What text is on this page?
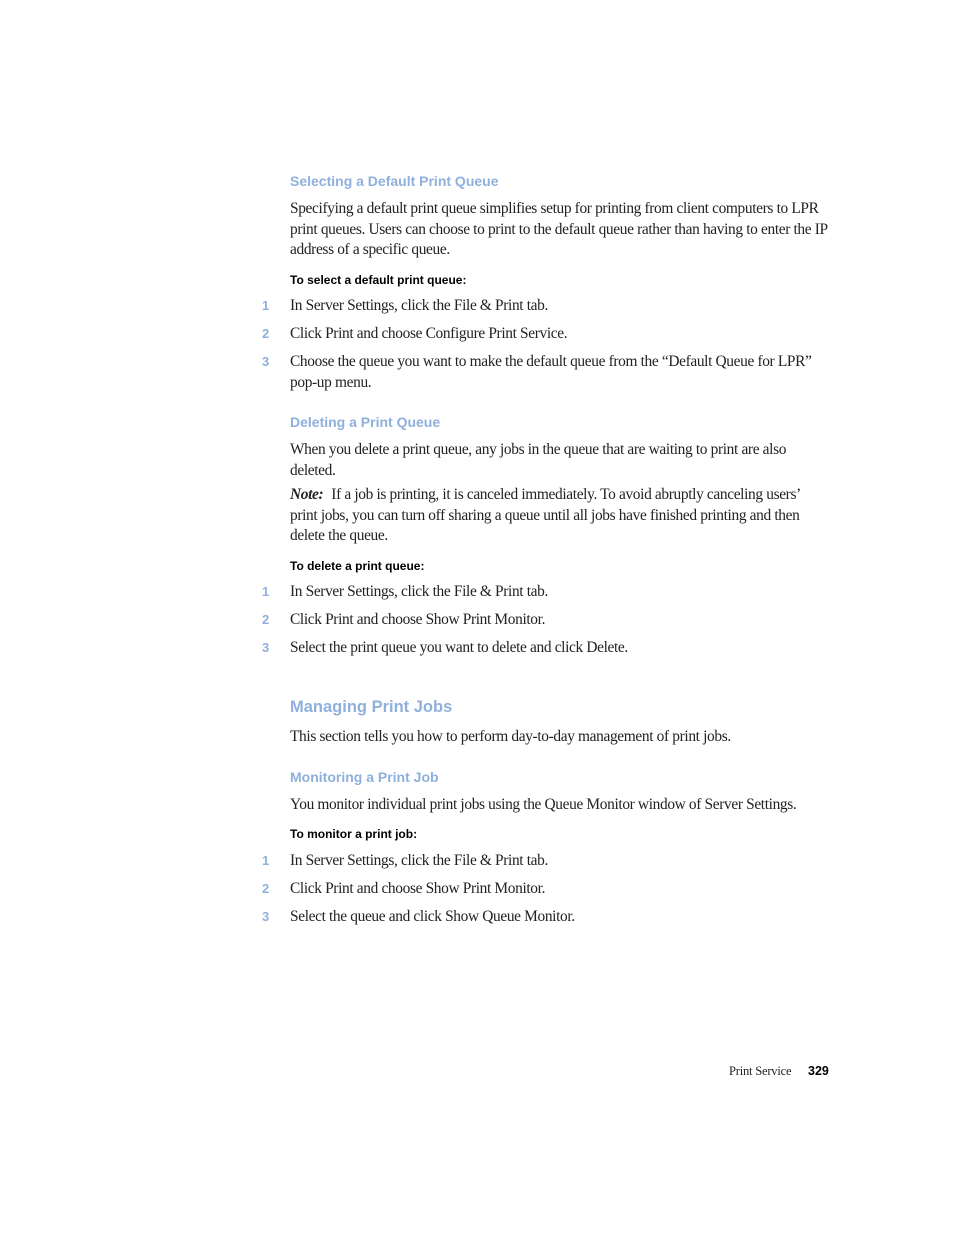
Selecting a Default Print Queue
Specifying a default print queue simplifies setup for printing from client computers to LPR print queues. Users can choose to print to the default queue rather than having to enter the IP address of a specific queue.
To select a default print queue:
1	In Server Settings, click the File & Print tab.
2	Click Print and choose Configure Print Service.
3	Choose the queue you want to make the default queue from the “Default Queue for LPR” pop-up menu.
Deleting a Print Queue
When you delete a print queue, any jobs in the queue that are waiting to print are also deleted.
Note: If a job is printing, it is canceled immediately. To avoid abruptly canceling users’ print jobs, you can turn off sharing a queue until all jobs have finished printing and then delete the queue.
To delete a print queue:
1	In Server Settings, click the File & Print tab.
2	Click Print and choose Show Print Monitor.
3	Select the print queue you want to delete and click Delete.
Managing Print Jobs
This section tells you how to perform day-to-day management of print jobs.
Monitoring a Print Job
You monitor individual print jobs using the Queue Monitor window of Server Settings.
To monitor a print job:
1	In Server Settings, click the File & Print tab.
2	Click Print and choose Show Print Monitor.
3	Select the queue and click Show Queue Monitor.
Print Service 329
